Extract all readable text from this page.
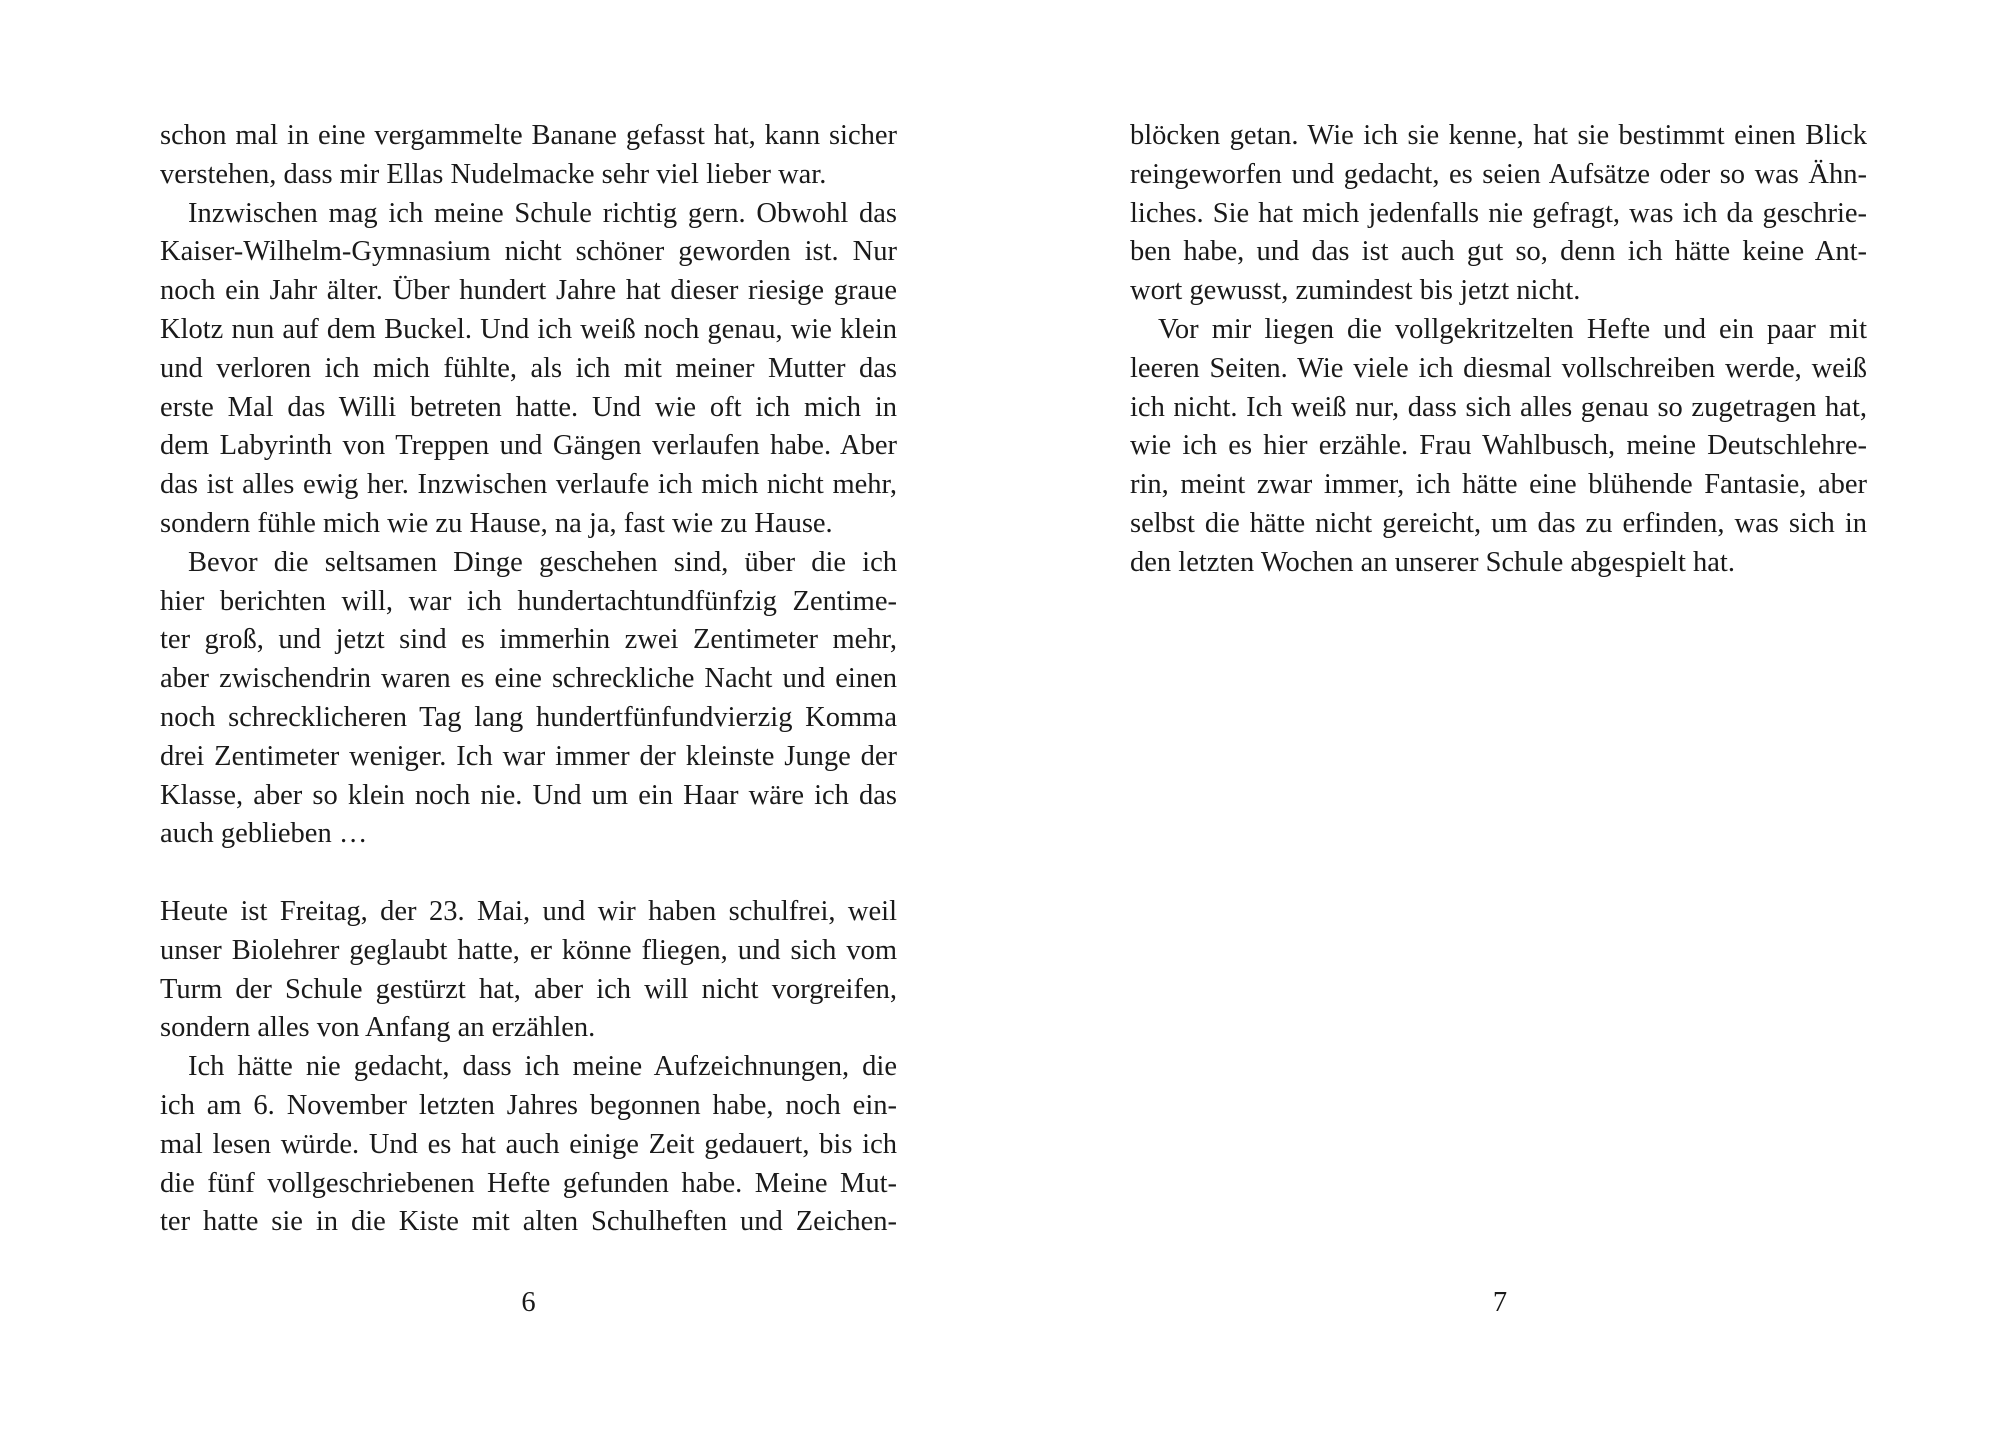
schon mal in eine vergammelte Banane gefasst hat, kann sicher
verstehen, dass mir Ellas Nudelmacke sehr viel lieber war.
Inzwischen mag ich meine Schule richtig gern. Obwohl das
Kaiser-Wilhelm-Gymnasium nicht schöner geworden ist. Nur
noch ein Jahr älter. Über hundert Jahre hat dieser riesige graue
Klotz nun auf dem Buckel. Und ich weiß noch genau, wie klein
und verloren ich mich fühlte, als ich mit meiner Mutter das
erste Mal das Willi betreten hatte. Und wie oft ich mich in
dem Labyrinth von Treppen und Gängen verlaufen habe. Aber
das ist alles ewig her. Inzwischen verlaufe ich mich nicht mehr,
sondern fühle mich wie zu Hause, na ja, fast wie zu Hause.
Bevor die seltsamen Dinge geschehen sind, über die ich
hier berichten will, war ich hundertachtundfünfzig Zentime-
ter groß, und jetzt sind es immerhin zwei Zentimeter mehr,
aber zwischendrin waren es eine schreckliche Nacht und einen
noch schrecklicheren Tag lang hundertfünfundvierzig Komma
drei Zentimeter weniger. Ich war immer der kleinste Junge der
Klasse, aber so klein noch nie. Und um ein Haar wäre ich das
auch geblieben …
Heute ist Freitag, der 23. Mai, und wir haben schulfrei, weil
unser Biolehrer geglaubt hatte, er könne fliegen, und sich vom
Turm der Schule gestürzt hat, aber ich will nicht vorgreifen,
sondern alles von Anfang an erzählen.
Ich hätte nie gedacht, dass ich meine Aufzeichnungen, die
ich am 6. November letzten Jahres begonnen habe, noch ein-
mal lesen würde. Und es hat auch einige Zeit gedauert, bis ich
die fünf vollgeschriebenen Hefte gefunden habe. Meine Mut-
ter hatte sie in die Kiste mit alten Schulheften und Zeichen-
6
blöcken getan. Wie ich sie kenne, hat sie bestimmt einen Blick
reingeworfen und gedacht, es seien Aufsätze oder so was Ähn-
liches. Sie hat mich jedenfalls nie gefragt, was ich da geschrie-
ben habe, und das ist auch gut so, denn ich hätte keine Ant-
wort gewusst, zumindest bis jetzt nicht.
Vor mir liegen die vollgekritzelten Hefte und ein paar mit
leeren Seiten. Wie viele ich diesmal vollschreiben werde, weiß
ich nicht. Ich weiß nur, dass sich alles genau so zugetragen hat,
wie ich es hier erzähle. Frau Wahlbusch, meine Deutschlehre-
rin, meint zwar immer, ich hätte eine blühende Fantasie, aber
selbst die hätte nicht gereicht, um das zu erfinden, was sich in
den letzten Wochen an unserer Schule abgespielt hat.
7
